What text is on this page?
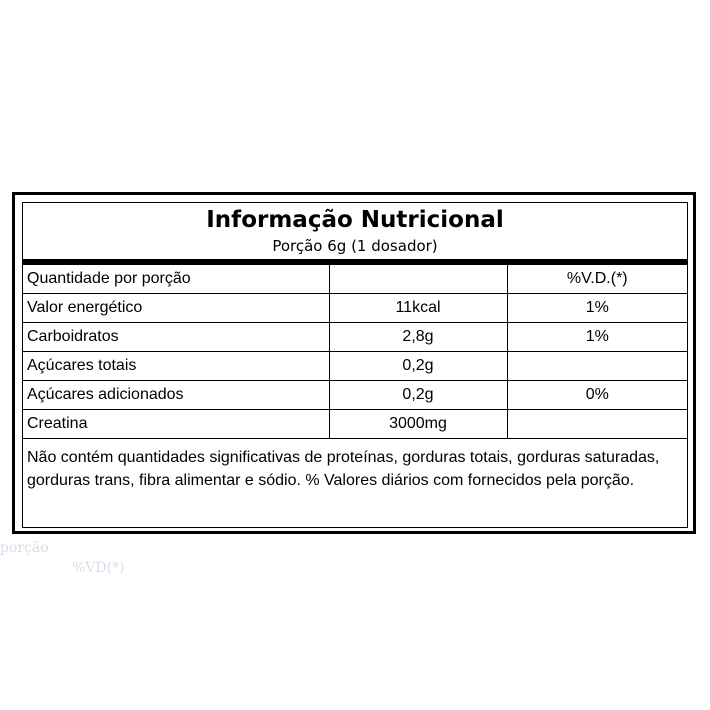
porção
%VD(*)
Informação Nutricional
Porção 6g (1 dosador)
Quantidade por porção		%V.D.(*)
Valor energético	11kcal	1%
Carboidratos	2,8g	1%
Açúcares totais	0,2g	
Açúcares adicionados	0,2g	0%
Creatina	3000mg	
Não contém quantidades significativas de proteínas, gorduras totais, gorduras saturadas, gorduras trans, fibra alimentar e sódio. % Valores diários com fornecidos pela porção.
